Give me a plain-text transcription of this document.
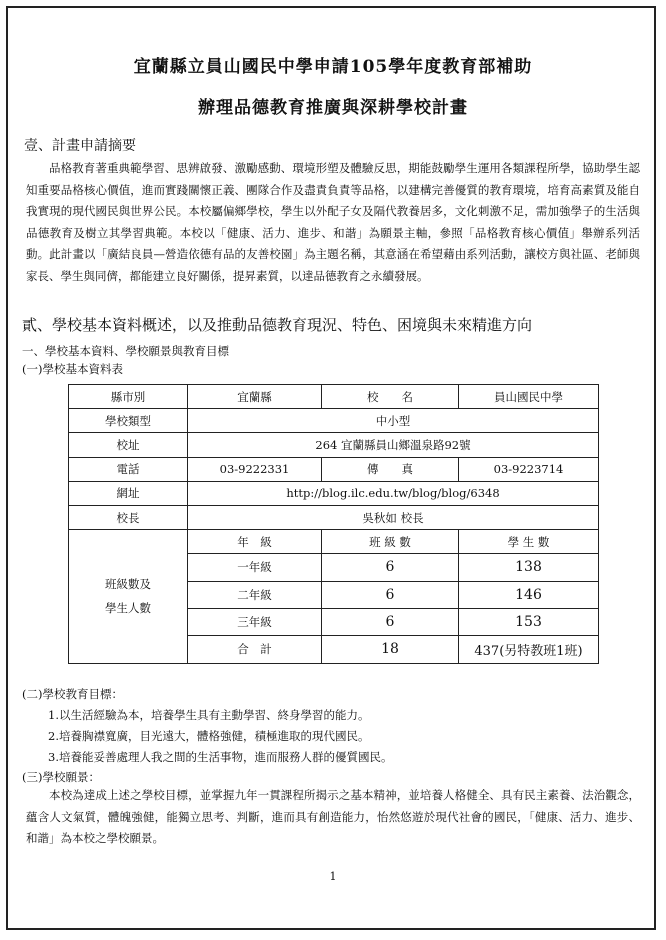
宜蘭縣立員山國民中學申請105學年度教育部補助
辦理品德教育推廣與深耕學校計畫
壹、計畫申請摘要
品格教育著重典範學習、思辨啟發、激勵感動、環境形塑及體驗反思，期能鼓勵學生運用各類課程所學，協助學生認知重要品格核心價值，進而實踐關懷正義、團隊合作及盡責負責等品格，以建構完善優質的教育環境，培育高素質及能自我實現的現代國民與世界公民。本校屬偏鄉學校，學生以外配子女及隔代教養居多，文化刺激不足，需加強學子的生活與品德教育及樹立其學習典範。本校以「健康、活力、進步、和諧」為願景主軸，參照「品格教育核心價值」舉辦系列活動。此計畫以「廣結良員—營造依德有品的友善校園」為主題名稱，其意涵在希望藉由系列活動，讓校方與社區、老師與家長、學生與同儕，都能建立良好關係，提昇素質，以達品德教育之永續發展。
貳、學校基本資料概述，以及推動品德教育現況、特色、困境與未來精進方向
一、學校基本資料、學校願景與教育目標
(一)學校基本資料表
縣市別	宜蘭縣	校　　名	員山國民中學
學校類型	中小型		
校址	264 宜蘭縣員山鄉溫泉路92號		
電話	03-9222331	傳　　真	03-9223714
網址	http://blog.ilc.edu.tw/blog/blog/6348		
校長	吳秋如 校長		
班級數及
學生人數	年　級	班 級 數	學 生 數
	一年級	6	138
	二年級	6	146
	三年級	6	153
	合　計	18	437(另特教班1班)
(二)學校教育目標：
1.以生活經驗為本，培養學生具有主動學習、終身學習的能力。
2.培養胸襟寬廣，目光遠大，體格強健，積極進取的現代國民。
3.培養能妥善處理人我之間的生活事物，進而服務人群的優質國民。
(三)學校願景：
本校為達成上述之學校目標，並掌握九年一貫課程所揭示之基本精神，並培養人格健全、具有民主素養、法治觀念，蘊含人文氣質，體魄強健，能獨立思考、判斷，進而具有創造能力，怡然悠遊於現代社會的國民，「健康、活力、進步、和諧」為本校之學校願景。
1
